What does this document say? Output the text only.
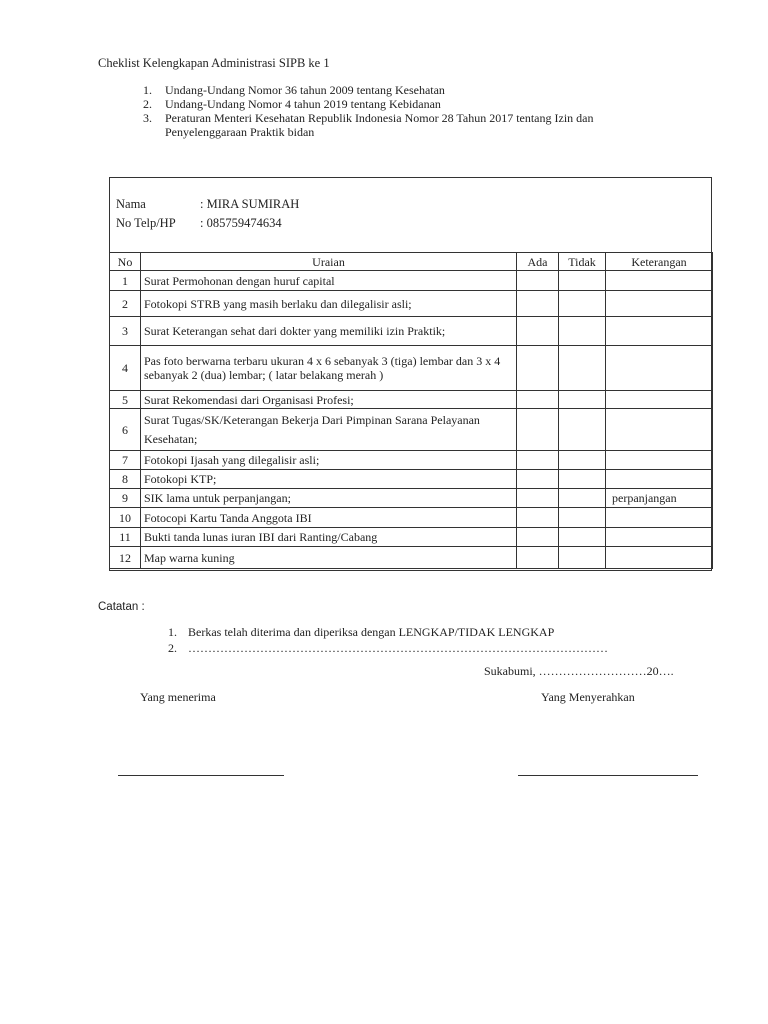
Cheklist Kelengkapan Administrasi SIPB ke 1
1. Undang-Undang Nomor 36 tahun 2009 tentang Kesehatan
2. Undang-Undang Nomor 4 tahun 2019 tentang Kebidanan
3. Peraturan Menteri Kesehatan Republik Indonesia Nomor 28 Tahun 2017 tentang Izin dan
Penyelenggaraan Praktik bidan
Nama	: MIRA SUMIRAH
No Telp/HP : 085759474634
No	Uraian	Ada	Tidak	Keterangan
1	Surat Permohonan dengan huruf capital			
2	Fotokopi STRB yang masih berlaku dan dilegalisir asli;			
3	Surat Keterangan sehat dari dokter yang memiliki izin Praktik;			
4	Pas foto berwarna terbaru ukuran 4 x 6 sebanyak 3 (tiga) lembar dan 3 x 4 sebanyak 2 (dua) lembar; ( latar belakang merah )			
5	Surat Rekomendasi dari Organisasi Profesi;			
6	Surat Tugas/SK/Keterangan Bekerja Dari Pimpinan Sarana Pelayanan Kesehatan;			
7	Fotokopi Ijasah yang dilegalisir asli;			
8	Fotokopi KTP;			
9	SIK lama untuk perpanjangan;			perpanjangan
10	Fotocopi Kartu Tanda Anggota IBI			
11	Bukti tanda lunas iuran IBI dari Ranting/Cabang			
12	Map warna kuning			
Catatan :
1. Berkas telah diterima dan diperiksa dengan LENGKAP/TIDAK LENGKAP
2. ……………………………………………………………………………………………
Sukabumi, ………………………20….
Yang menerima	Yang Menyerahkan
